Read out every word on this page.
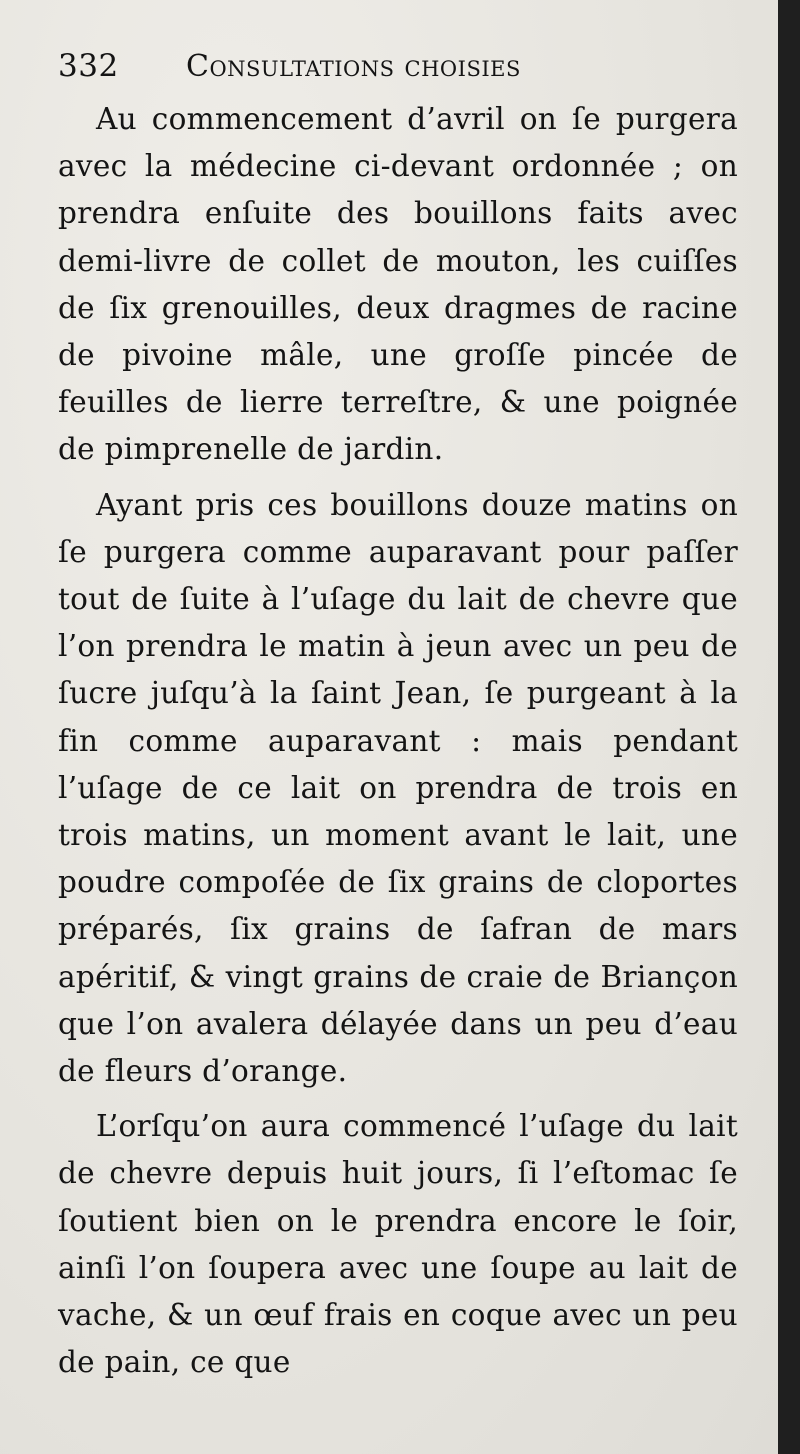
332	Consultations choisies

Au commencement d’avril on ſe purgera avec la médecine ci-devant ordonnée ; on prendra enſuite des bouillons faits avec demi-livre de collet de mouton, les cuiſſes de ſix grenouilles, deux dragmes de racine de pivoine mâle, une groſſe pincée de feuilles de lierre terreſtre, & une poignée de pimprenelle de jardin.

Ayant pris ces bouillons douze matins on ſe purgera comme auparavant pour paſſer tout de ſuite à l’uſage du lait de chevre que l’on prendra le matin à jeun avec un peu de ſucre juſqu’à la ſaint Jean, ſe purgeant à la fin comme auparavant : mais pendant l’uſage de ce lait on prendra de trois en trois matins, un moment avant le lait, une poudre compoſée de ſix grains de cloportes préparés, ſix grains de ſafran de mars apéritif, & vingt grains de craie de Briançon que l’on avalera délayée dans un peu d’eau de fleurs d’orange.

L’orſqu’on aura commencé l’uſage du lait de chevre depuis huit jours, ſi l’eſtomac ſe ſoutient bien on le prendra encore le ſoir, ainſi l’on ſoupera avec une ſoupe au lait de vache, & un œuf frais en coque avec un peu de pain, ce que
